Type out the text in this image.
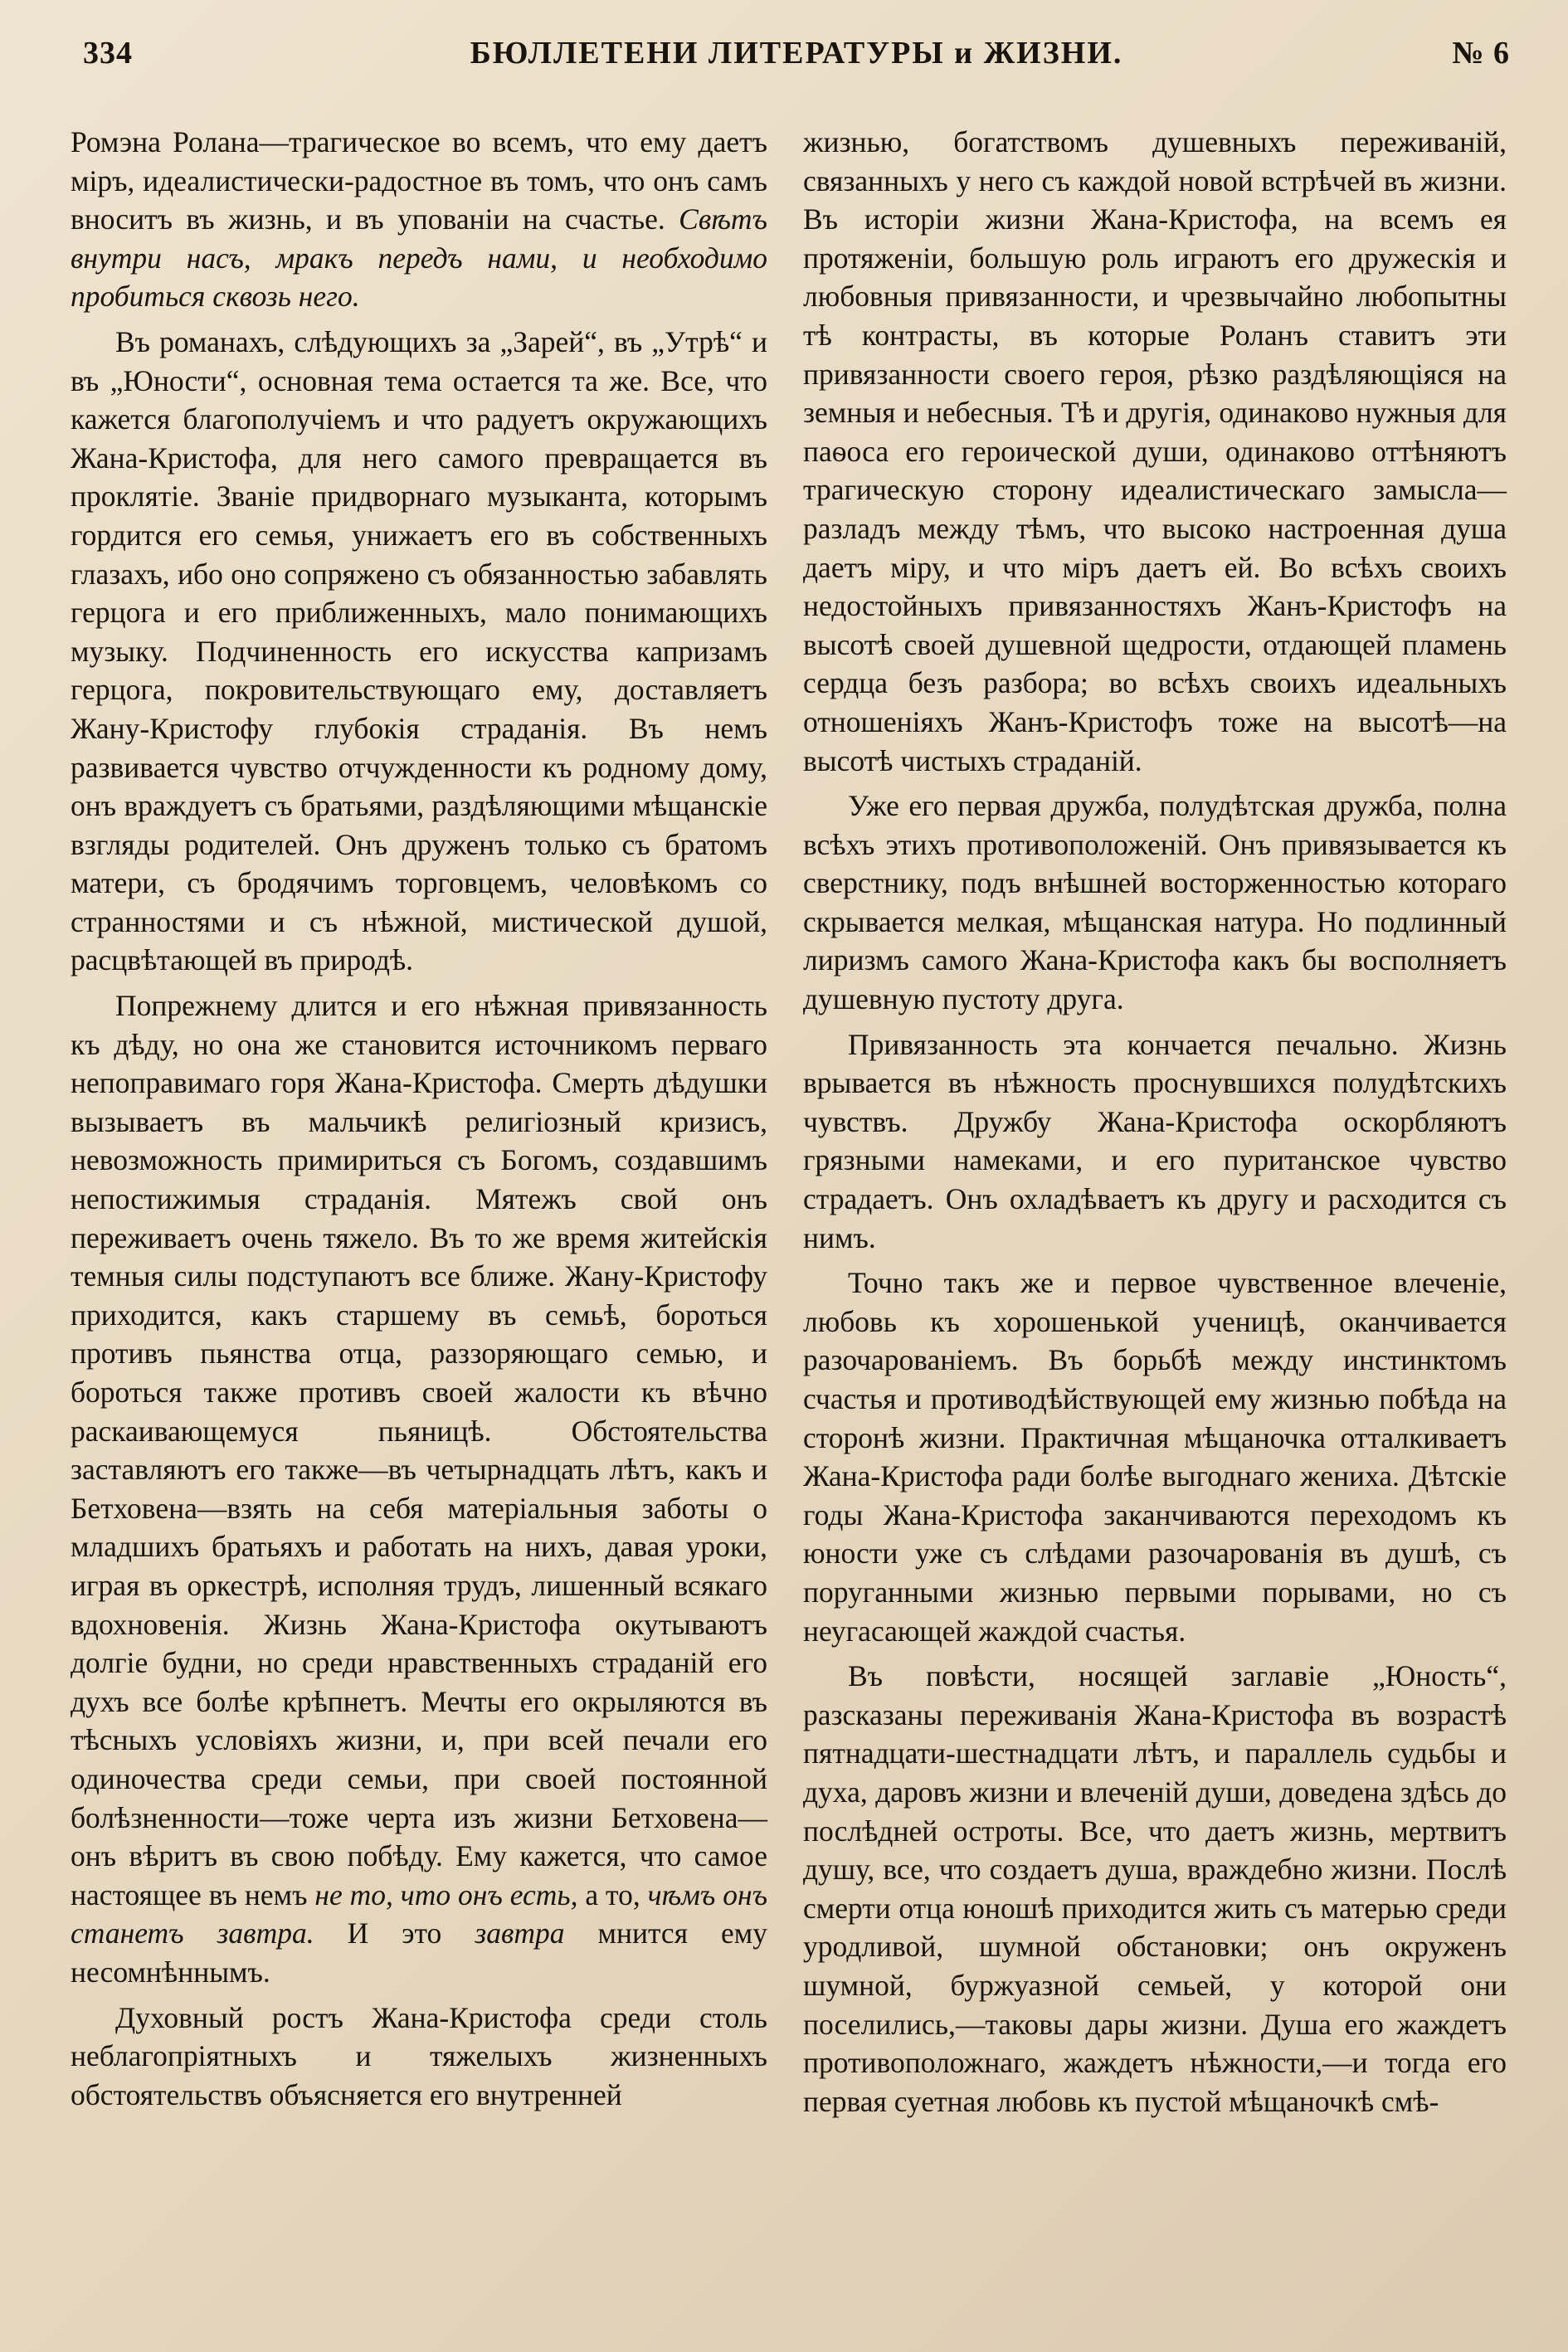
334	БЮЛЛЕТЕНИ ЛИТЕРАТУРЫ и ЖИЗНИ.	№ 6

Ромэна Ролана—трагическое во всемъ, что ему даетъ міръ, идеалистически-радостное въ томъ, что онъ самъ вноситъ въ жизнь, и въ упованіи на счастье. Свѣтъ внутри насъ, мракъ передъ нами, и необходимо пробиться сквозь него.

Въ романахъ, слѣдующихъ за „Зарей“, въ „Утрѣ“ и въ „Юности“, основная тема остается та же. Все, что кажется благополучіемъ и что радуетъ окружающихъ Жана-Кристофа, для него самого превращается въ проклятіе. Званіе придворнаго музыканта, которымъ гордится его семья, унижаетъ его въ собственныхъ глазахъ, ибо оно сопряжено съ обязанностью забавлять герцога и его приближенныхъ, мало понимающихъ музыку. Подчиненность его искусства капризамъ герцога, покровительствующаго ему, доставляетъ Жану-Кристофу глубокія страданія. Въ немъ развивается чувство отчужденности къ родному дому, онъ враждуетъ съ братьями, раздѣляющими мѣщанскіе взгляды родителей. Онъ друженъ только съ братомъ матери, съ бродячимъ торговцемъ, человѣкомъ со странностями и съ нѣжной, мистической душой, расцвѣтающей въ природѣ.

Попрежнему длится и его нѣжная привязанность къ дѣду, но она же становится источникомъ перваго непоправимаго горя Жана-Кристофа. Смерть дѣдушки вызываетъ въ мальчикѣ религіозный кризисъ, невозможность примириться съ Богомъ, создавшимъ непостижимыя страданія. Мятежъ свой онъ переживаетъ очень тяжело. Въ то же время житейскія темныя силы подступаютъ все ближе. Жану-Кристофу приходится, какъ старшему въ семьѣ, бороться противъ пьянства отца, раззоряющаго семью, и бороться также противъ своей жалости къ вѣчно раскаивающемуся пьяницѣ. Обстоятельства заставляютъ его также—въ четырнадцать лѣтъ, какъ и Бетховена—взять на себя матеріальныя заботы о младшихъ братьяхъ и работать на нихъ, давая уроки, играя въ оркестрѣ, исполняя трудъ, лишенный всякаго вдохновенія. Жизнь Жана-Кристофа окутываютъ долгіе будни, но среди нравственныхъ страданій его духъ все болѣе крѣпнетъ. Мечты его окрыляются въ тѣсныхъ условіяхъ жизни, и, при всей печали его одиночества среди семьи, при своей постоянной болѣзненности—тоже черта изъ жизни Бетховена—онъ вѣритъ въ свою побѣду. Ему кажется, что самое настоящее въ немъ не то, что онъ есть, а то, чѣмъ онъ станетъ завтра. И это завтра мнится ему несомнѣннымъ.

Духовный ростъ Жана-Кристофа среди столь неблагопріятныхъ и тяжелыхъ жизненныхъ обстоятельствъ объясняется его внутренней

жизнью, богатствомъ душевныхъ переживаній, связанныхъ у него съ каждой новой встрѣчей въ жизни. Въ исторіи жизни Жана-Кристофа, на всемъ ея протяженіи, большую роль играютъ его дружескія и любовныя привязанности, и чрезвычайно любопытны тѣ контрасты, въ которые Роланъ ставитъ эти привязанности своего героя, рѣзко раздѣляющіяся на земныя и небесныя. Тѣ и другія, одинаково нужныя для паѳоса его героической души, одинаково оттѣняютъ трагическую сторону идеалистическаго замысла—разладъ между тѣмъ, что высоко настроенная душа даетъ міру, и что міръ даетъ ей. Во всѣхъ своихъ недостойныхъ привязанностяхъ Жанъ-Кристофъ на высотѣ своей душевной щедрости, отдающей пламень сердца безъ разбора; во всѣхъ своихъ идеальныхъ отношеніяхъ Жанъ-Кристофъ тоже на высотѣ—на высотѣ чистыхъ страданій.

Уже его первая дружба, полудѣтская дружба, полна всѣхъ этихъ противоположеній. Онъ привязывается къ сверстнику, подъ внѣшней восторженностью котораго скрывается мелкая, мѣщанская натура. Но подлинный лиризмъ самого Жана-Кристофа какъ бы восполняетъ душевную пустоту друга.

Привязанность эта кончается печально. Жизнь врывается въ нѣжность проснувшихся полудѣтскихъ чувствъ. Дружбу Жана-Кристофа оскорбляютъ грязными намеками, и его пуританское чувство страдаетъ. Онъ охладѣваетъ къ другу и расходится съ нимъ.

Точно такъ же и первое чувственное влеченіе, любовь къ хорошенькой ученицѣ, оканчивается разочарованіемъ. Въ борьбѣ между инстинктомъ счастья и противодѣйствующей ему жизнью побѣда на сторонѣ жизни. Практичная мѣщаночка отталкиваетъ Жана-Кристофа ради болѣе выгоднаго жениха. Дѣтскіе годы Жана-Кристофа заканчиваются переходомъ къ юности уже съ слѣдами разочарованія въ душѣ, съ поруганными жизнью первыми порывами, но съ неугасающей жаждой счастья.

Въ повѣсти, носящей заглавіе „Юность“, разсказаны переживанія Жана-Кристофа въ возрастѣ пятнадцати-шестнадцати лѣтъ, и параллель судьбы и духа, даровъ жизни и влеченій души, доведена здѣсь до послѣдней остроты. Все, что даетъ жизнь, мертвитъ душу, все, что создаетъ душа, враждебно жизни. Послѣ смерти отца юношѣ приходится жить съ матерью среди уродливой, шумной обстановки; онъ окруженъ шумной, буржуазной семьей, у которой они поселились,—таковы дары жизни. Душа его жаждетъ противоположнаго, жаждетъ нѣжности,—и тогда его первая суетная любовь къ пустой мѣщаночкѣ смѣ-
